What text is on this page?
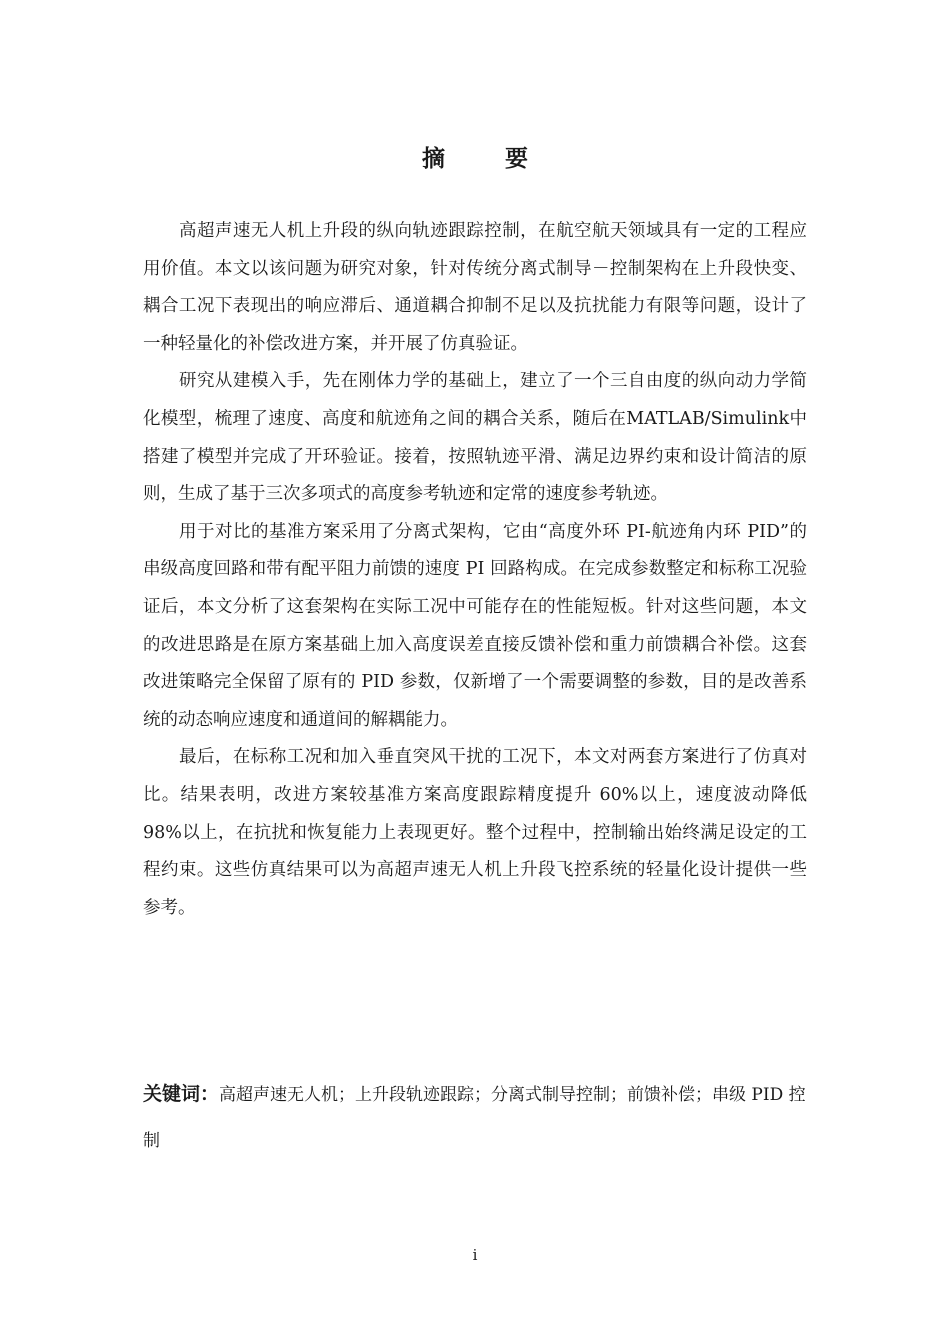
摘 要

高超声速无人机上升段的纵向轨迹跟踪控制，在航空航天领域具有一定的工程应用价值。本文以该问题为研究对象，针对传统分离式制导－控制架构在上升段快变、耦合工况下表现出的响应滞后、通道耦合抑制不足以及抗扰能力有限等问题，设计了一种轻量化的补偿改进方案，并开展了仿真验证。

研究从建模入手，先在刚体力学的基础上，建立了一个三自由度的纵向动力学简化模型，梳理了速度、高度和航迹角之间的耦合关系，随后在MATLAB/Simulink中搭建了模型并完成了开环验证。接着，按照轨迹平滑、满足边界约束和设计简洁的原则，生成了基于三次多项式的高度参考轨迹和定常的速度参考轨迹。

用于对比的基准方案采用了分离式架构，它由“高度外环 PI-航迹角内环 PID”的串级高度回路和带有配平阻力前馈的速度 PI 回路构成。在完成参数整定和标称工况验证后，本文分析了这套架构在实际工况中可能存在的性能短板。针对这些问题，本文的改进思路是在原方案基础上加入高度误差直接反馈补偿和重力前馈耦合补偿。这套改进策略完全保留了原有的 PID 参数，仅新增了一个需要调整的参数，目的是改善系统的动态响应速度和通道间的解耦能力。

最后，在标称工况和加入垂直突风干扰的工况下，本文对两套方案进行了仿真对比。结果表明，改进方案较基准方案高度跟踪精度提升 60%以上，速度波动降低 98%以上，在抗扰和恢复能力上表现更好。整个过程中，控制输出始终满足设定的工程约束。这些仿真结果可以为高超声速无人机上升段飞控系统的轻量化设计提供一些参考。

关键词：高超声速无人机；上升段轨迹跟踪；分离式制导控制；前馈补偿；串级 PID 控制
i
